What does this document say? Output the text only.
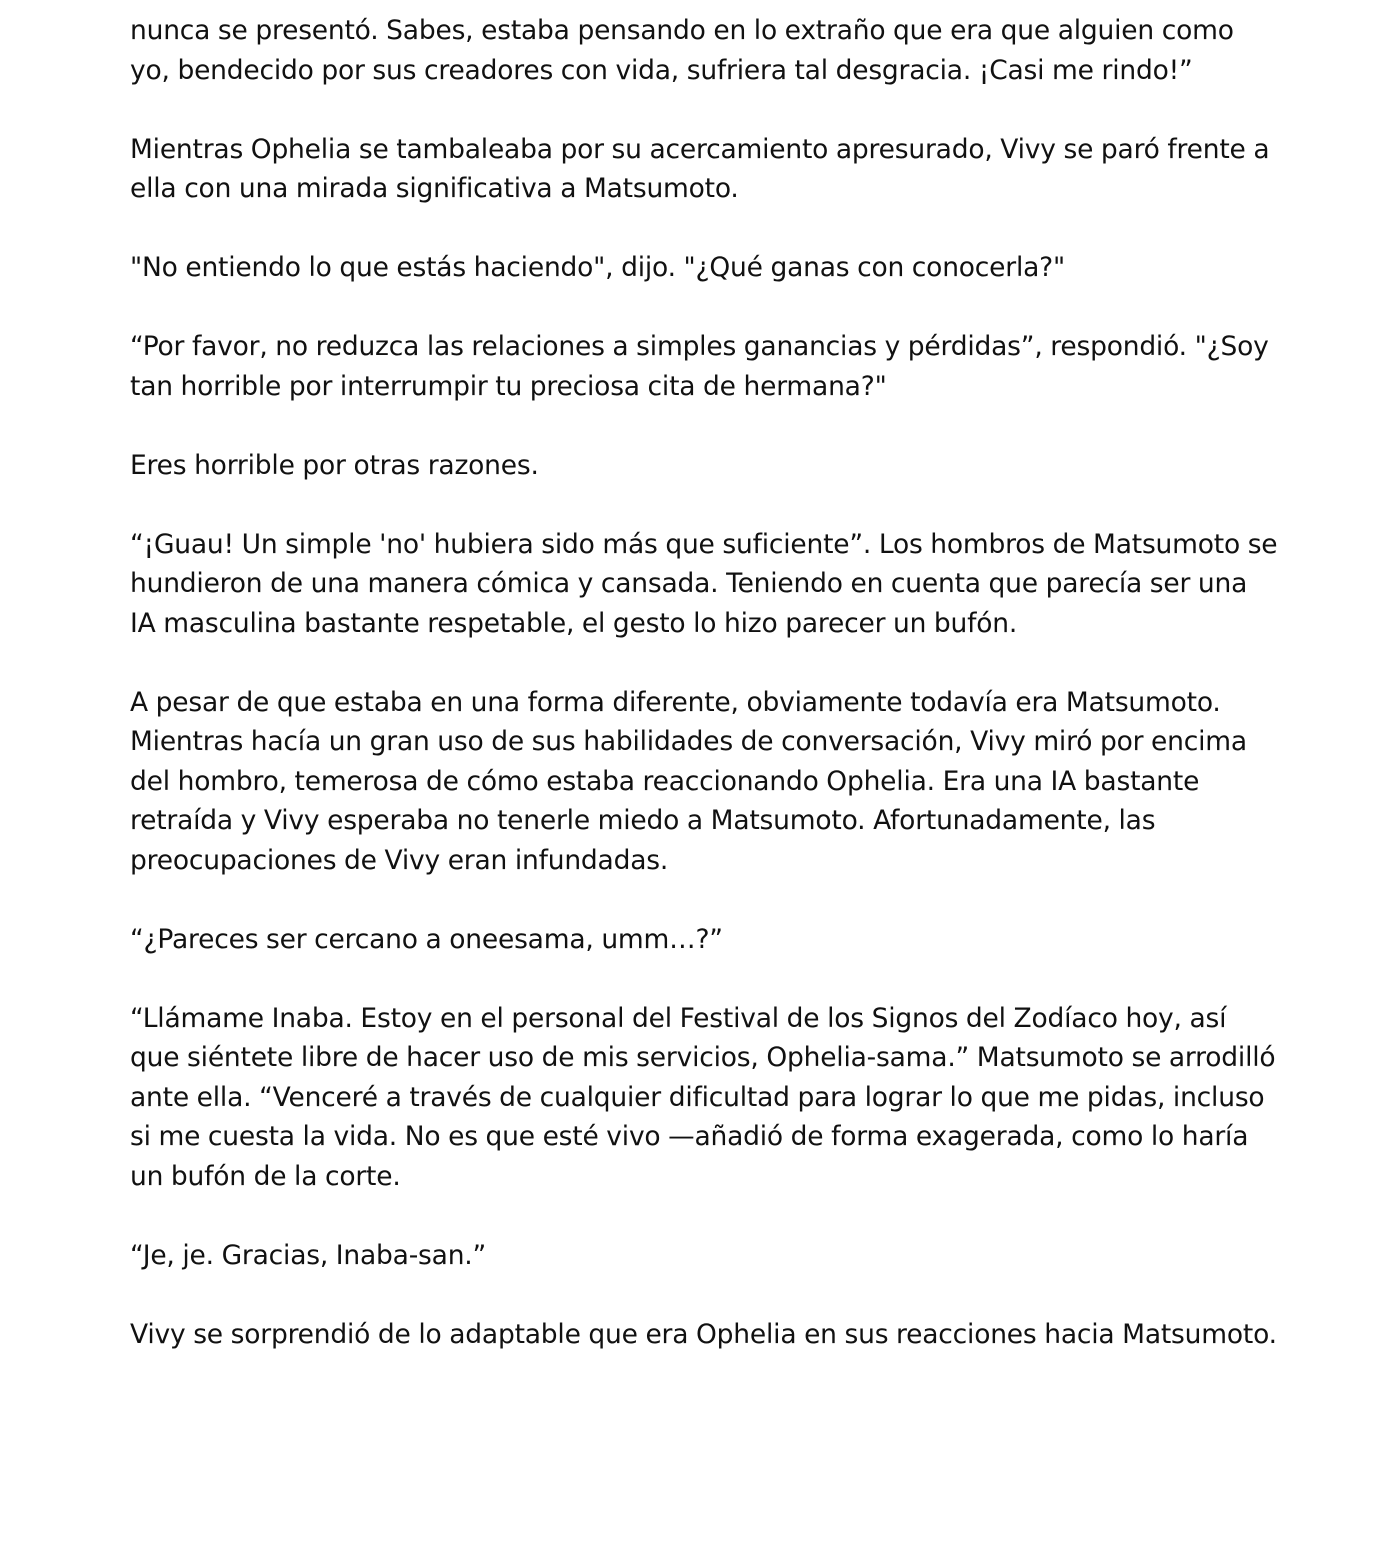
nunca se presentó. Sabes, estaba pensando en lo extraño que era que alguien como yo, bendecido por sus creadores con vida, sufriera tal desgracia. ¡Casi me rindo!”

Mientras Ophelia se tambaleaba por su acercamiento apresurado, Vivy se paró frente a ella con una mirada significativa a Matsumoto.

"No entiendo lo que estás haciendo", dijo. "¿Qué ganas con conocerla?"

“Por favor, no reduzca las relaciones a simples ganancias y pérdidas”, respondió. "¿Soy tan horrible por interrumpir tu preciosa cita de hermana?"

Eres horrible por otras razones.

“¡Guau! Un simple 'no' hubiera sido más que suficiente”. Los hombros de Matsumoto se hundieron de una manera cómica y cansada. Teniendo en cuenta que parecía ser una IA masculina bastante respetable, el gesto lo hizo parecer un bufón.

A pesar de que estaba en una forma diferente, obviamente todavía era Matsumoto. Mientras hacía un gran uso de sus habilidades de conversación, Vivy miró por encima del hombro, temerosa de cómo estaba reaccionando Ophelia. Era una IA bastante retraída y Vivy esperaba no tenerle miedo a Matsumoto. Afortunadamente, las preocupaciones de Vivy eran infundadas.

“¿Pareces ser cercano a oneesama, umm…?”

“Llámame Inaba. Estoy en el personal del Festival de los Signos del Zodíaco hoy, así que siéntete libre de hacer uso de mis servicios, Ophelia-sama.” Matsumoto se arrodilló ante ella. “Venceré a través de cualquier dificultad para lograr lo que me pidas, incluso si me cuesta la vida. No es que esté vivo —añadió de forma exagerada, como lo haría un bufón de la corte.

“Je, je. Gracias, Inaba-san.”

Vivy se sorprendió de lo adaptable que era Ophelia en sus reacciones hacia Matsumoto.
